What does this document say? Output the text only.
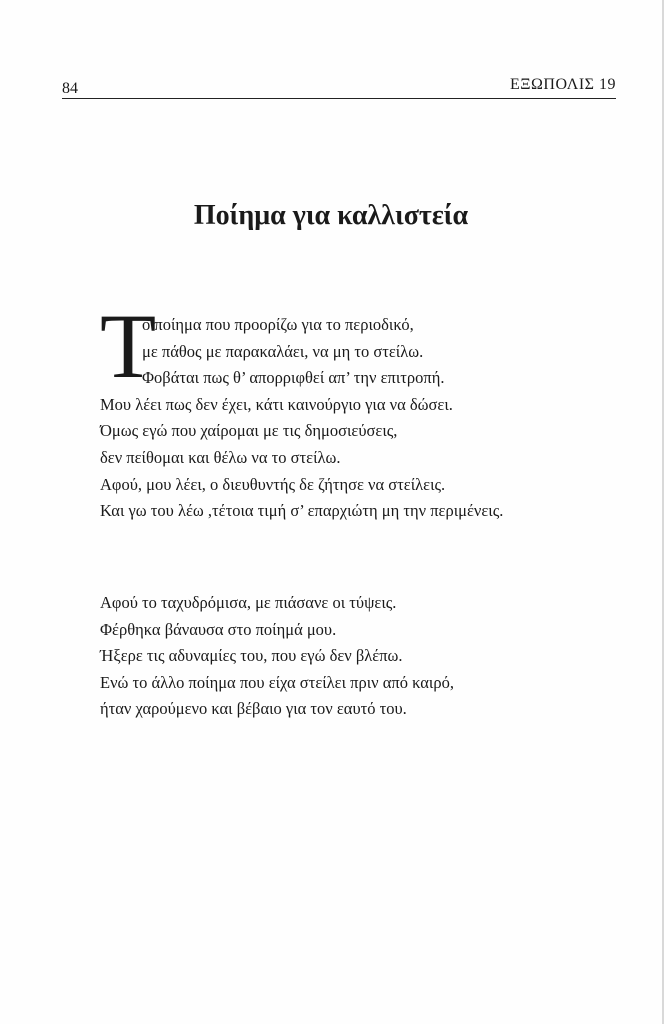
84	ΕΞΩΠΟΛΙΣ 19
Ποίημα για καλλιστεία
Τ
ο ποίημα που προορίζω για το περιοδικό,
με πάθος με παρακαλάει, να μη το στείλω.
Φοβάται πως θ’ απορριφθεί απ’ την επιτροπή.
Μου λέει πως δεν έχει, κάτι καινούργιο για να δώσει.
Όμως εγώ που χαίρομαι με τις δημοσιεύσεις,
δεν πείθομαι και θέλω να το στείλω.
Αφού, μου λέει, ο διευθυντής δε ζήτησε να στείλεις.
Και γω του λέω ,τέτοια τιμή σ’ επαρχιώτη μη την περιμένεις.
Αφού το ταχυδρόμισα, με πιάσανε οι τύψεις.
Φέρθηκα βάναυσα στο ποίημά μου.
Ήξερε τις αδυναμίες του, που εγώ δεν βλέπω.
Ενώ το άλλο ποίημα που είχα στείλει πριν από καιρό,
ήταν χαρούμενο και βέβαιο για τον εαυτό του.
